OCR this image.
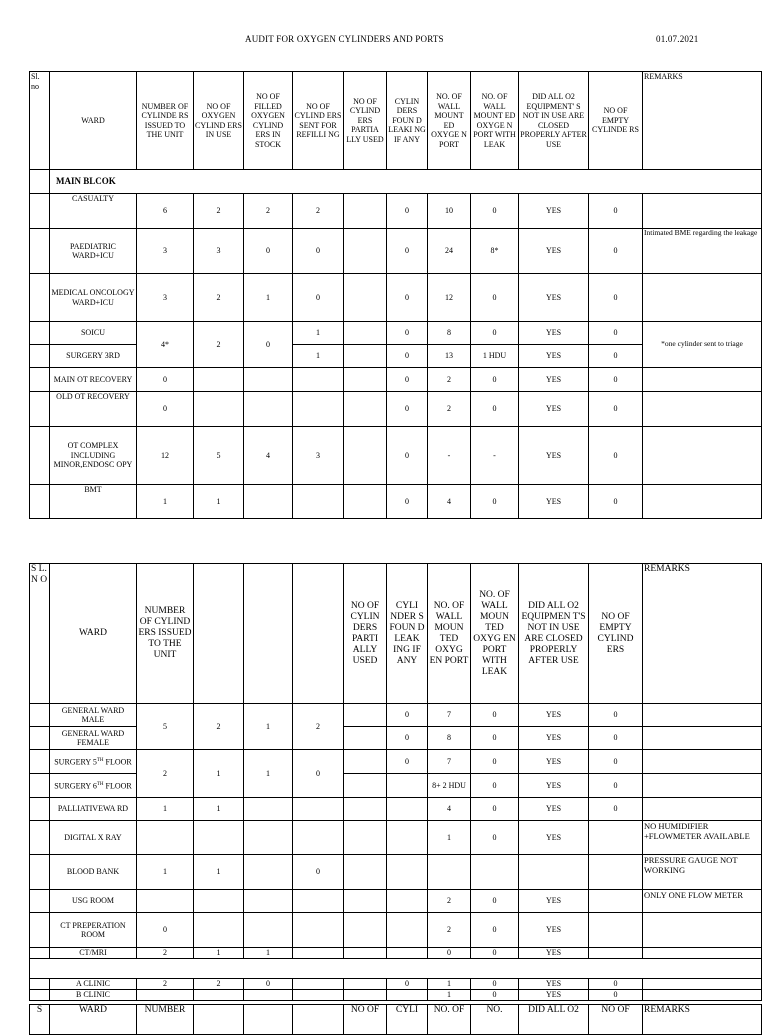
AUDIT FOR OXYGEN CYLINDERS AND PORTS	01.07.2021
Sl. no	WARD	NUMBER OF CYLINDE RS ISSUED TO THE UNIT	NO OF OXYGEN CYLIND ERS IN USE	NO OF FILLED OXYGEN CYLIND ERS IN STOCK	NO OF CYLIND ERS SENT FOR REFILLI NG	NO OF CYLIND ERS PARTIA LLY USED	CYLIN DERS FOUN D LEAKI NG IF ANY	NO. OF WALL MOUNT ED OXYGE N PORT	NO. OF WALL MOUNT ED OXYGE N PORT WITH LEAK	DID ALL O2 EQUIPMENT' S NOT IN USE ARE CLOSED PROPERLY AFTER USE	NO OF EMPTY CYLINDE RS	REMARKS
	MAIN BLCOK											
	CASUALTY	6	2	2	2		0	10	0	YES	0	
	PAEDIATRIC WARD+ICU	3	3	0	0		0	24	8*	YES	0	Intimated BME regarding the leakage
	MEDICAL ONCOLOGY WARD+ICU	3	2	1	0		0	12	0	YES	0	
	SOICU	4*	2	0	1		0	8	0	YES	0	*one cylinder sent to triage
	SURGERY 3RD				1		0	13	1 HDU	YES	0	
	MAIN OT RECOVERY	0					0	2	0	YES	0	
	OLD OT RECOVERY	0					0	2	0	YES	0	
	OT COMPLEX INCLUDING MINOR,ENDOSC OPY	12	5	4	3		0	-	-	YES	0	
	BMT	1	1				0	4	0	YES	0	
S L. N O	WARD	NUMBER OF CYLIND ERS ISSUED TO THE UNIT				NO OF CYLIN DERS PARTI ALLY USED	CYLI NDER S FOUN D LEAK ING IF ANY	NO. OF WALL MOUN TED OXYG EN PORT	NO. OF WALL MOUN TED OXYG EN PORT WITH LEAK	DID ALL O2 EQUIPMEN T'S NOT IN USE ARE CLOSED PROPERLY AFTER USE	NO OF EMPTY CYLIND ERS	REMARKS
	GENERAL WARD MALE	5	2	1	2		0	7	0	YES	0	
	GENERAL WARD FEMALE						0	8	0	YES	0	
	SURGERY 5TH FLOOR	2	1	1	0		0	7	0	YES	0	
	SURGERY 6TH FLOOR							8+ 2 HDU	0	YES	0	
	PALLIATIVEWA RD	1	1					4	0	YES	0	
	DIGITAL X RAY							1	0	YES		NO HUMIDIFIER +FLOWMETER AVAILABLE
	BLOOD BANK	1	1		0							PRESSURE GAUGE NOT WORKING
	USG ROOM							2	0	YES		ONLY ONE FLOW METER
	CT PREPERATION ROOM	0						2	0	YES		
	CT/MRI	2	1	1				0	0	YES		

	A CLINIC	2	2	0			0	1	0	YES	0	
	B CLINIC							1	0	YES	0	
S	WARD	NUMBER				NO OF	CYLI	NO. OF	NO.	DID ALL O2	NO OF	REMARKS
